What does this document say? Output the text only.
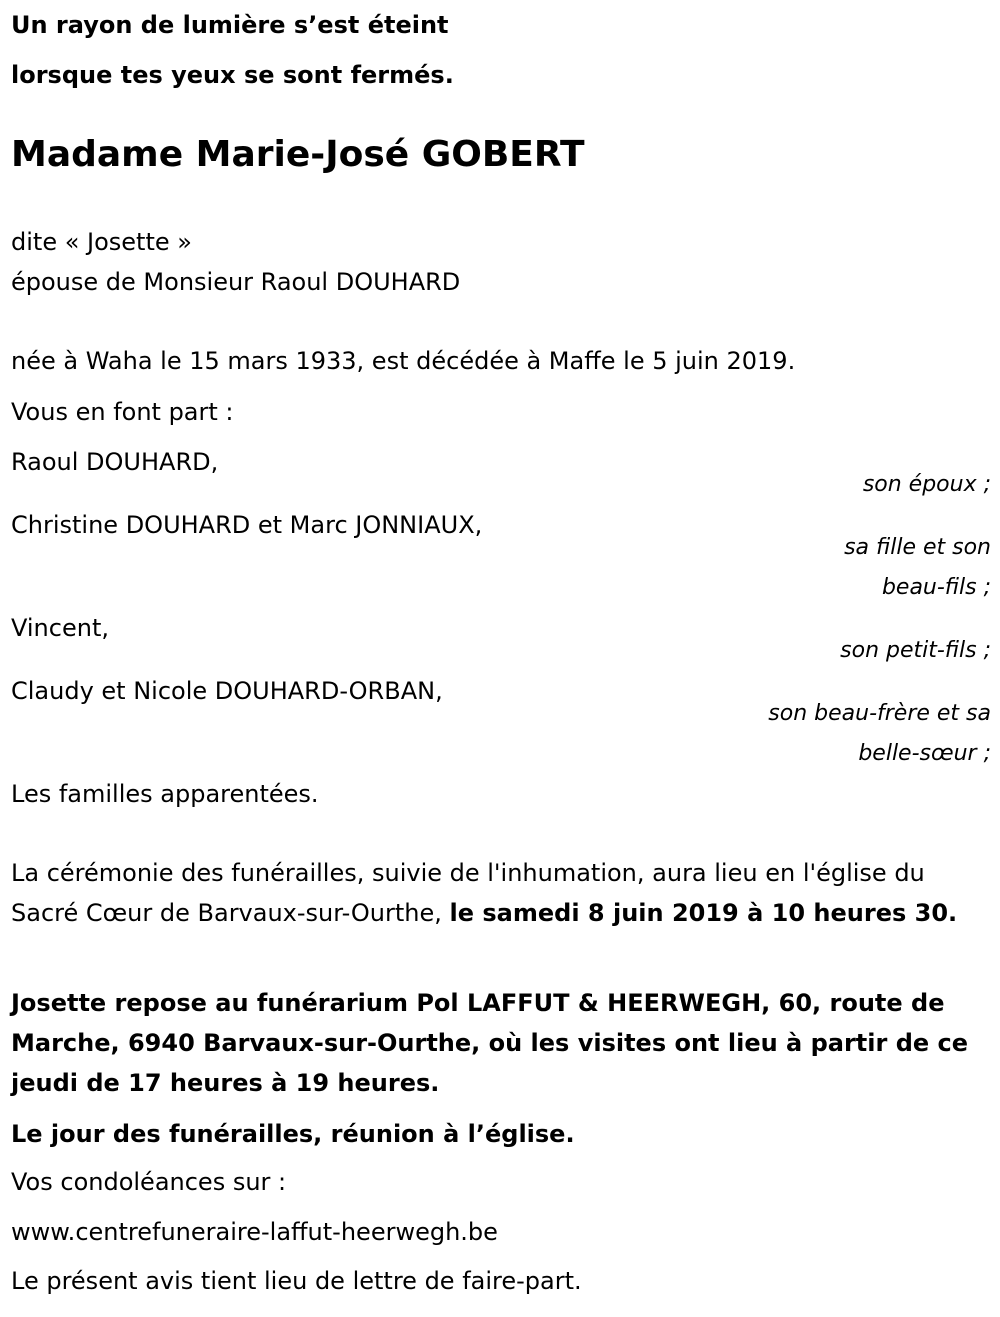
Un rayon de lumière s’est éteint
lorsque tes yeux se sont fermés.
Madame Marie-José GOBERT
dite « Josette »
épouse de Monsieur Raoul DOUHARD
née à Waha le 15 mars 1933, est décédée à Maffe le 5 juin 2019.
Vous en font part :
Raoul DOUHARD,
son époux ;
Christine DOUHARD et Marc JONNIAUX,
sa fille et son
beau-fils ;
Vincent,
son petit-fils ;
Claudy et Nicole DOUHARD-ORBAN,
son beau-frère et sa
belle-sœur ;
Les familles apparentées.
La cérémonie des funérailles, suivie de l'inhumation, aura lieu en l'église du Sacré Cœur de Barvaux-sur-Ourthe, le samedi 8 juin 2019 à 10 heures 30.
Josette repose au funérarium Pol LAFFUT & HEERWEGH, 60, route de Marche, 6940 Barvaux-sur-Ourthe, où les visites ont lieu à partir de ce jeudi de 17 heures à 19 heures.
Le jour des funérailles, réunion à l’église.
Vos condoléances sur :
www.centrefuneraire-laffut-heerwegh.be
Le présent avis tient lieu de lettre de faire-part.
